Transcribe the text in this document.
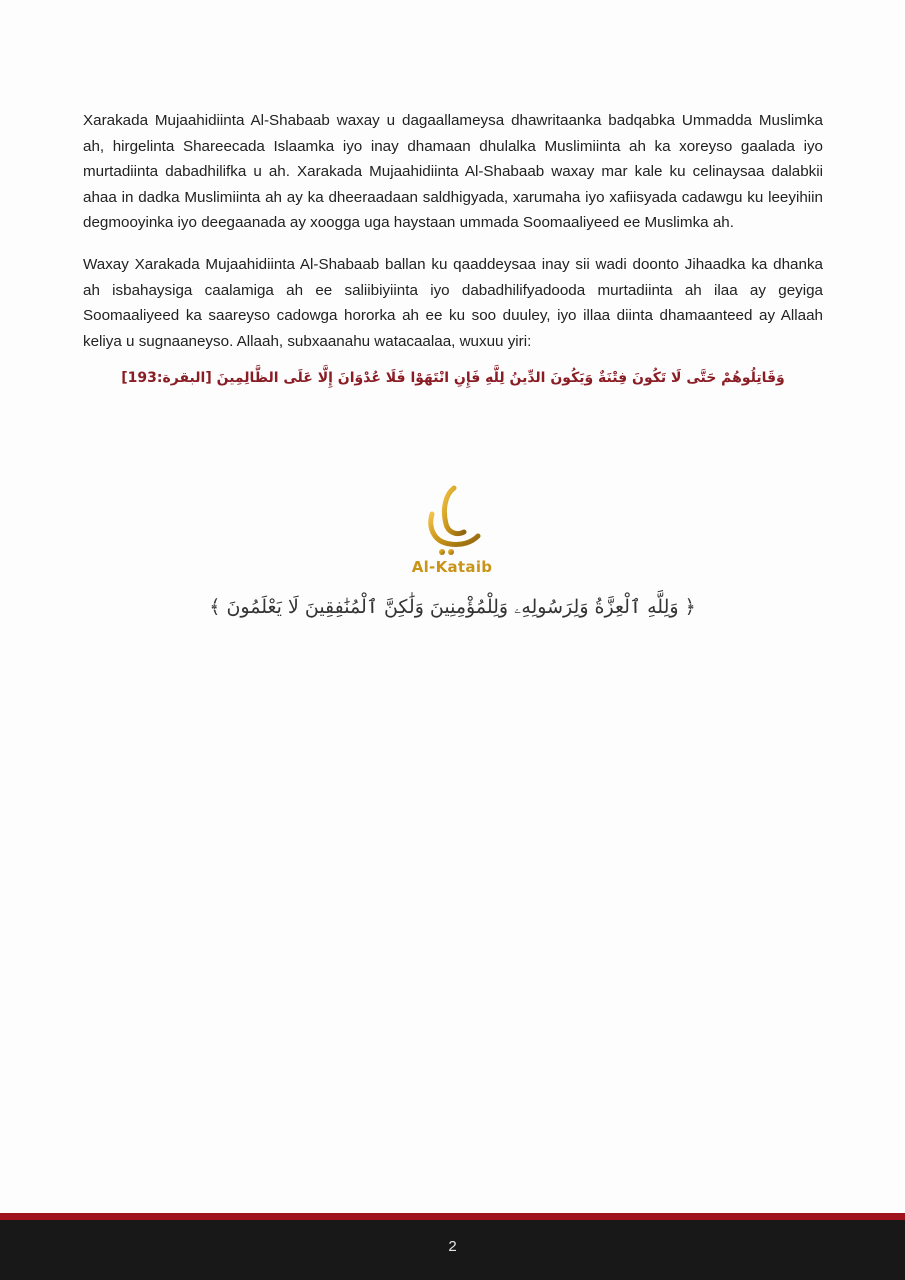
Xarakada Mujaahidiinta Al-Shabaab waxay u dagaallameysa dhawritaanka badqabka Ummadda Muslimka ah, hirgelinta Shareecada Islaamka iyo inay dhamaan dhulalka Muslimiinta ah ka xoreyso gaalada iyo murtadiinta dabadhilifka u ah. Xarakada Mujaahidiinta Al-Shabaab waxay mar kale ku celinaysaa dalabkii ahaa in dadka Muslimiinta ah ay ka dheeraadaan saldhigyada, xarumaha iyo xafiisyada cadawgu ku leeyihiin degmooyinka iyo deegaanada ay xoogga uga haystaan ummada Soomaaliyeed ee Muslimka ah.

Waxay Xarakada Mujaahidiinta Al-Shabaab ballan ku qaaddeysaa inay sii wadi doonto Jihaadka ka dhanka ah isbahaysiga caalamiga ah ee saliibiyiinta iyo dabadhilifyadooda murtadiinta ah ilaa ay geyiga Soomaaliyeed ka saareyso cadowga hororka ah ee ku soo duuley, iyo illaa diinta dhamaanteed ay Allaah keliya u sugnaaneyso. Allaah, subxaanahu watacaalaa, wuxuu yiri:

وَقَاتِلُوهُمْ حَتَّى لَا تَكُونَ فِتْنَةٌ وَيَكُونَ الدِّينُ لِلَّهِ فَإِنِ انْتَهَوْا فَلَا عُدْوَانَ إِلَّا عَلَى الظَّالِمِينَ [البقرة:193]
Al-Kataib
﴿ وَلِلَّهِ ٱلْعِزَّةُ وَلِرَسُولِهِۦ وَلِلْمُؤْمِنِينَ وَلَٰكِنَّ ٱلْمُنَٰفِقِينَ لَا يَعْلَمُونَ ﴾
2
